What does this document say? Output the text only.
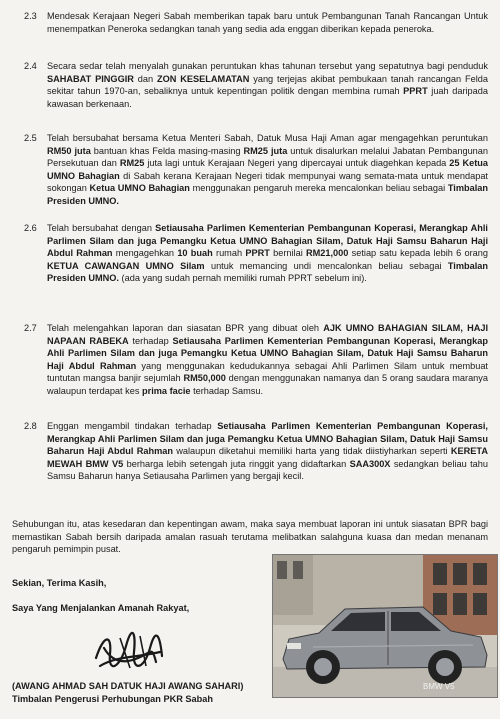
2.3	Mendesak Kerajaan Negeri Sabah memberikan tapak baru untuk Pembangunan Tanah Rancangan Untuk menempatkan Peneroka sedangkan tanah yang sedia ada enggan diberikan kepada peneroka.
2.4	Secara sedar telah menyalah gunakan peruntukan khas tahunan tersebut yang sepatutnya bagi penduduk SAHABAT PINGGIR dan ZON KESELAMATAN yang terjejas akibat pembukaan tanah rancangan Felda sekitar tahun 1970-an, sebaliknya untuk kepentingan politik dengan membina rumah PPRT juah daripada kawasan berkenaan.
2.5	Telah bersubahat bersama Ketua Menteri Sabah, Datuk Musa Haji Aman agar mengagehkan peruntukan RM50 juta bantuan khas Felda masing-masing RM25 juta untuk disalurkan melalui Jabatan Pembangunan Persekutuan dan RM25 juta lagi untuk Kerajaan Negeri yang dipercayai untuk diagehkan kepada 25 Ketua UMNO Bahagian di Sabah kerana Kerajaan Negeri tidak mempunyai wang semata-mata untuk mendapat sokongan Ketua UMNO Bahagian menggunakan pengaruh mereka mencalonkan beliau sebagai Timbalan Presiden UMNO.
2.6	Telah bersubahat dengan Setiausaha Parlimen Kementerian Pembangunan Koperasi, Merangkap Ahli Parlimen Silam dan juga Pemangku Ketua UMNO Bahagian Silam, Datuk Haji Samsu Baharun Haji Abdul Rahman mengagehkan 10 buah rumah PPRT bernilai RM21,000 setiap satu kepada lebih 6 orang KETUA CAWANGAN UMNO Silam untuk memancing undi mencalonkan beliau sebagai Timbalan Presiden UMNO. (ada yang sudah pernah memiliki rumah PPRT sebelum ini).
2.7	Telah melengahkan laporan dan siasatan BPR yang dibuat oleh AJK UMNO BAHAGIAN SILAM, HAJI NAPAAN RABEKA terhadap Setiausaha Parlimen Kementerian Pembangunan Koperasi, Merangkap Ahli Parlimen Silam dan juga Pemangku Ketua UMNO Bahagian Silam, Datuk Haji Samsu Baharun Haji Abdul Rahman yang menggunakan kedudukannya sebagai Ahli Parlimen Silam untuk membuat tuntutan mangsa banjir sejumlah RM50,000 dengan menggunakan namanya dan 5 orang saudara maranya walaupun terdapat kes prima facie terhadap Samsu.
2.8	Enggan mengambil tindakan terhadap Setiausaha Parlimen Kementerian Pembangunan Koperasi, Merangkap Ahli Parlimen Silam dan juga Pemangku Ketua UMNO Bahagian Silam, Datuk Haji Samsu Baharun Haji Abdul Rahman walaupun diketahui memiliki harta yang tidak diistiyharkan seperti KERETA MEWAH BMW V5 berharga lebih setengah juta ringgit yang didaftarkan SAA300X sedangkan beliau tahu Samsu Baharun hanya Setiausaha Parlimen yang bergaji kecil.
Sehubungan itu, atas kesedaran dan kepentingan awam, maka saya membuat laporan ini untuk siasatan BPR bagi memastikan Sabah bersih daripada amalan rasuah terutama melibatkan salahguna kuasa dan medan menanam pengaruh pemimpin pusat.
Sekian, Terima Kasih,
Saya Yang Menjalankan Amanah Rakyat,
(AWANG AHMAD SAH DATUK HAJI AWANG SAHARI)
Timbalan Pengerusi Perhubungan PKR Sabah
BMW V5
